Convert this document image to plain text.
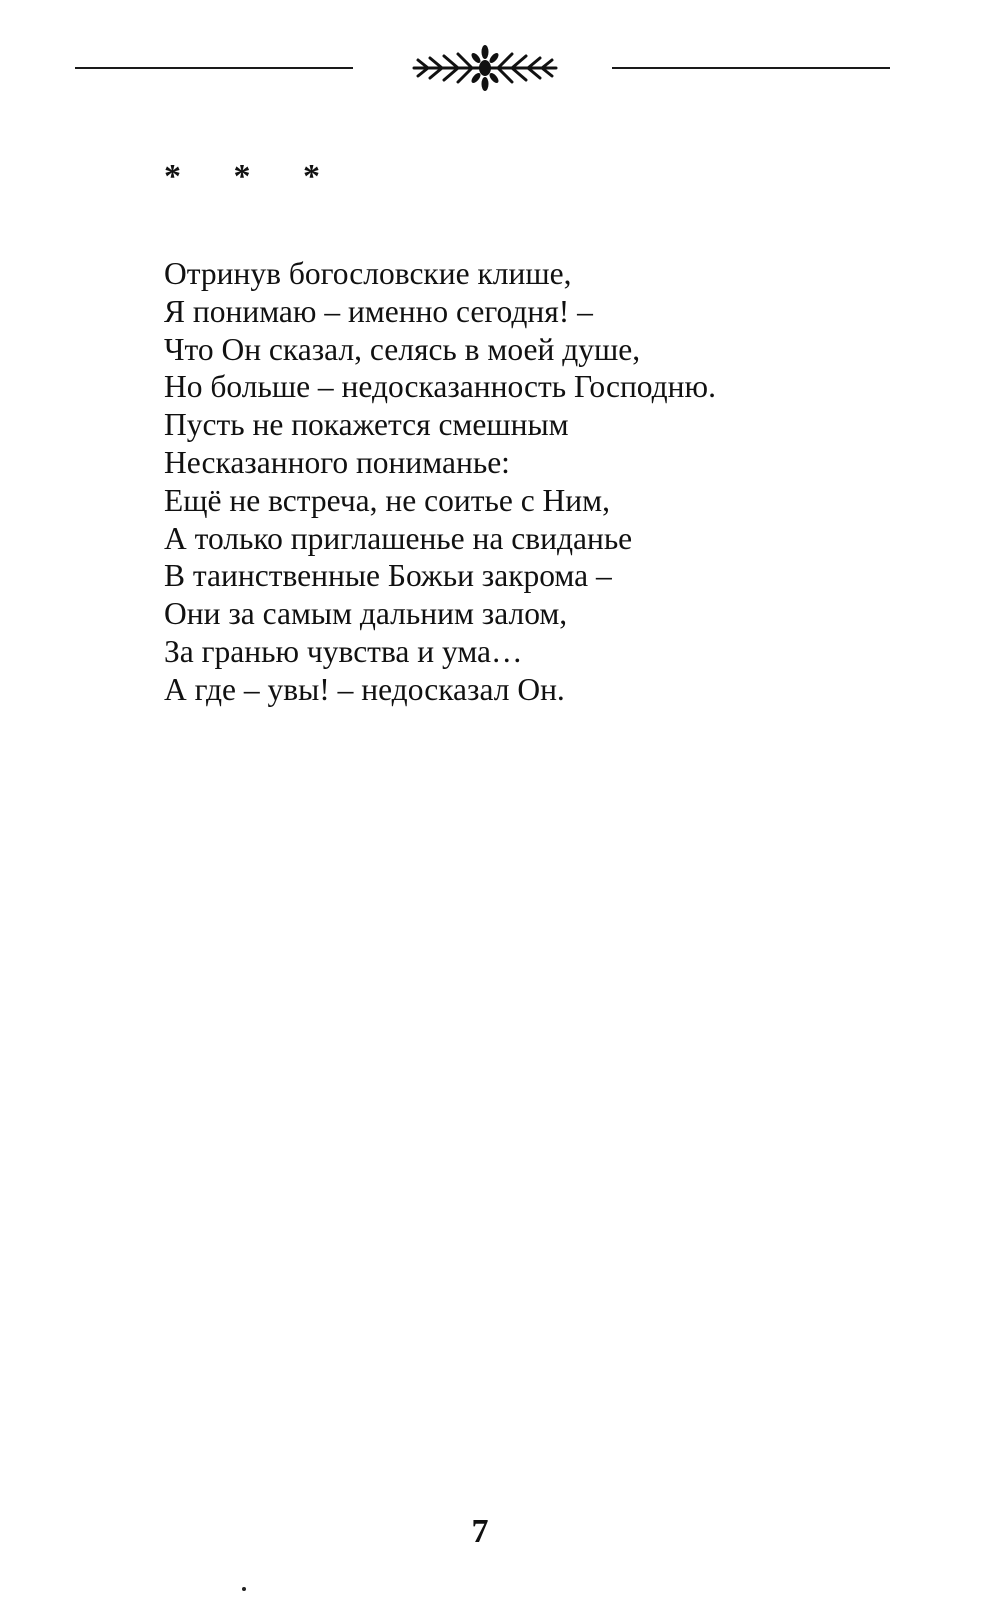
* * *
Отринув богословские клише,
Я понимаю – именно сегодня! –
Что Он сказал, селясь в моей душе,
Но больше – недосказанность Господню.
Пусть не покажется смешным
Несказанного пониманье:
Ещё не встреча, не соитье с Ним,
А только приглашенье на свиданье
В таинственные Божьи закрома –
Они за самым дальним залом,
За гранью чувства и ума…
А где – увы! – недосказал Он.
7
